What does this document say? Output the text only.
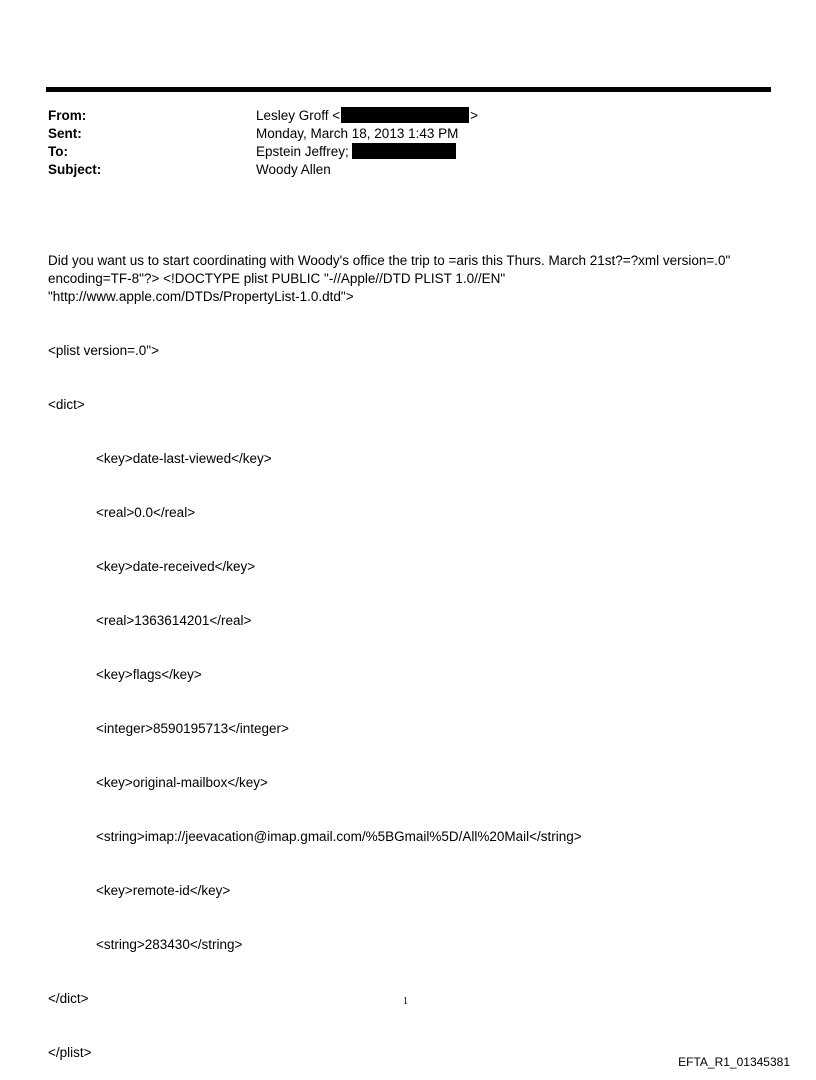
From:	Lesley Groff <	>
Sent:	Monday, March 18, 2013 1:43 PM
To:	Epstein Jeffrey;
Subject:	Woody Allen

Did you want us to start coordinating with Woody's office the trip to =aris this Thurs. March 21st?=?xml version=.0" encoding=TF-8"?> <!DOCTYPE plist PUBLIC "-//Apple//DTD PLIST 1.0//EN" "http://www.apple.com/DTDs/PropertyList-1.0.dtd">

<plist version=.0">

<dict>

<key>date-last-viewed</key>

<real>0.0</real>

<key>date-received</key>

<real>1363614201</real>

<key>flags</key>

<integer>8590195713</integer>

<key>original-mailbox</key>

<string>imap://jeevacation@imap.gmail.com/%5BGmail%5D/All%20Mail</string>

<key>remote-id</key>

<string>283430</string>

</dict>

</plist>

1
EFTA_R1_01345381
